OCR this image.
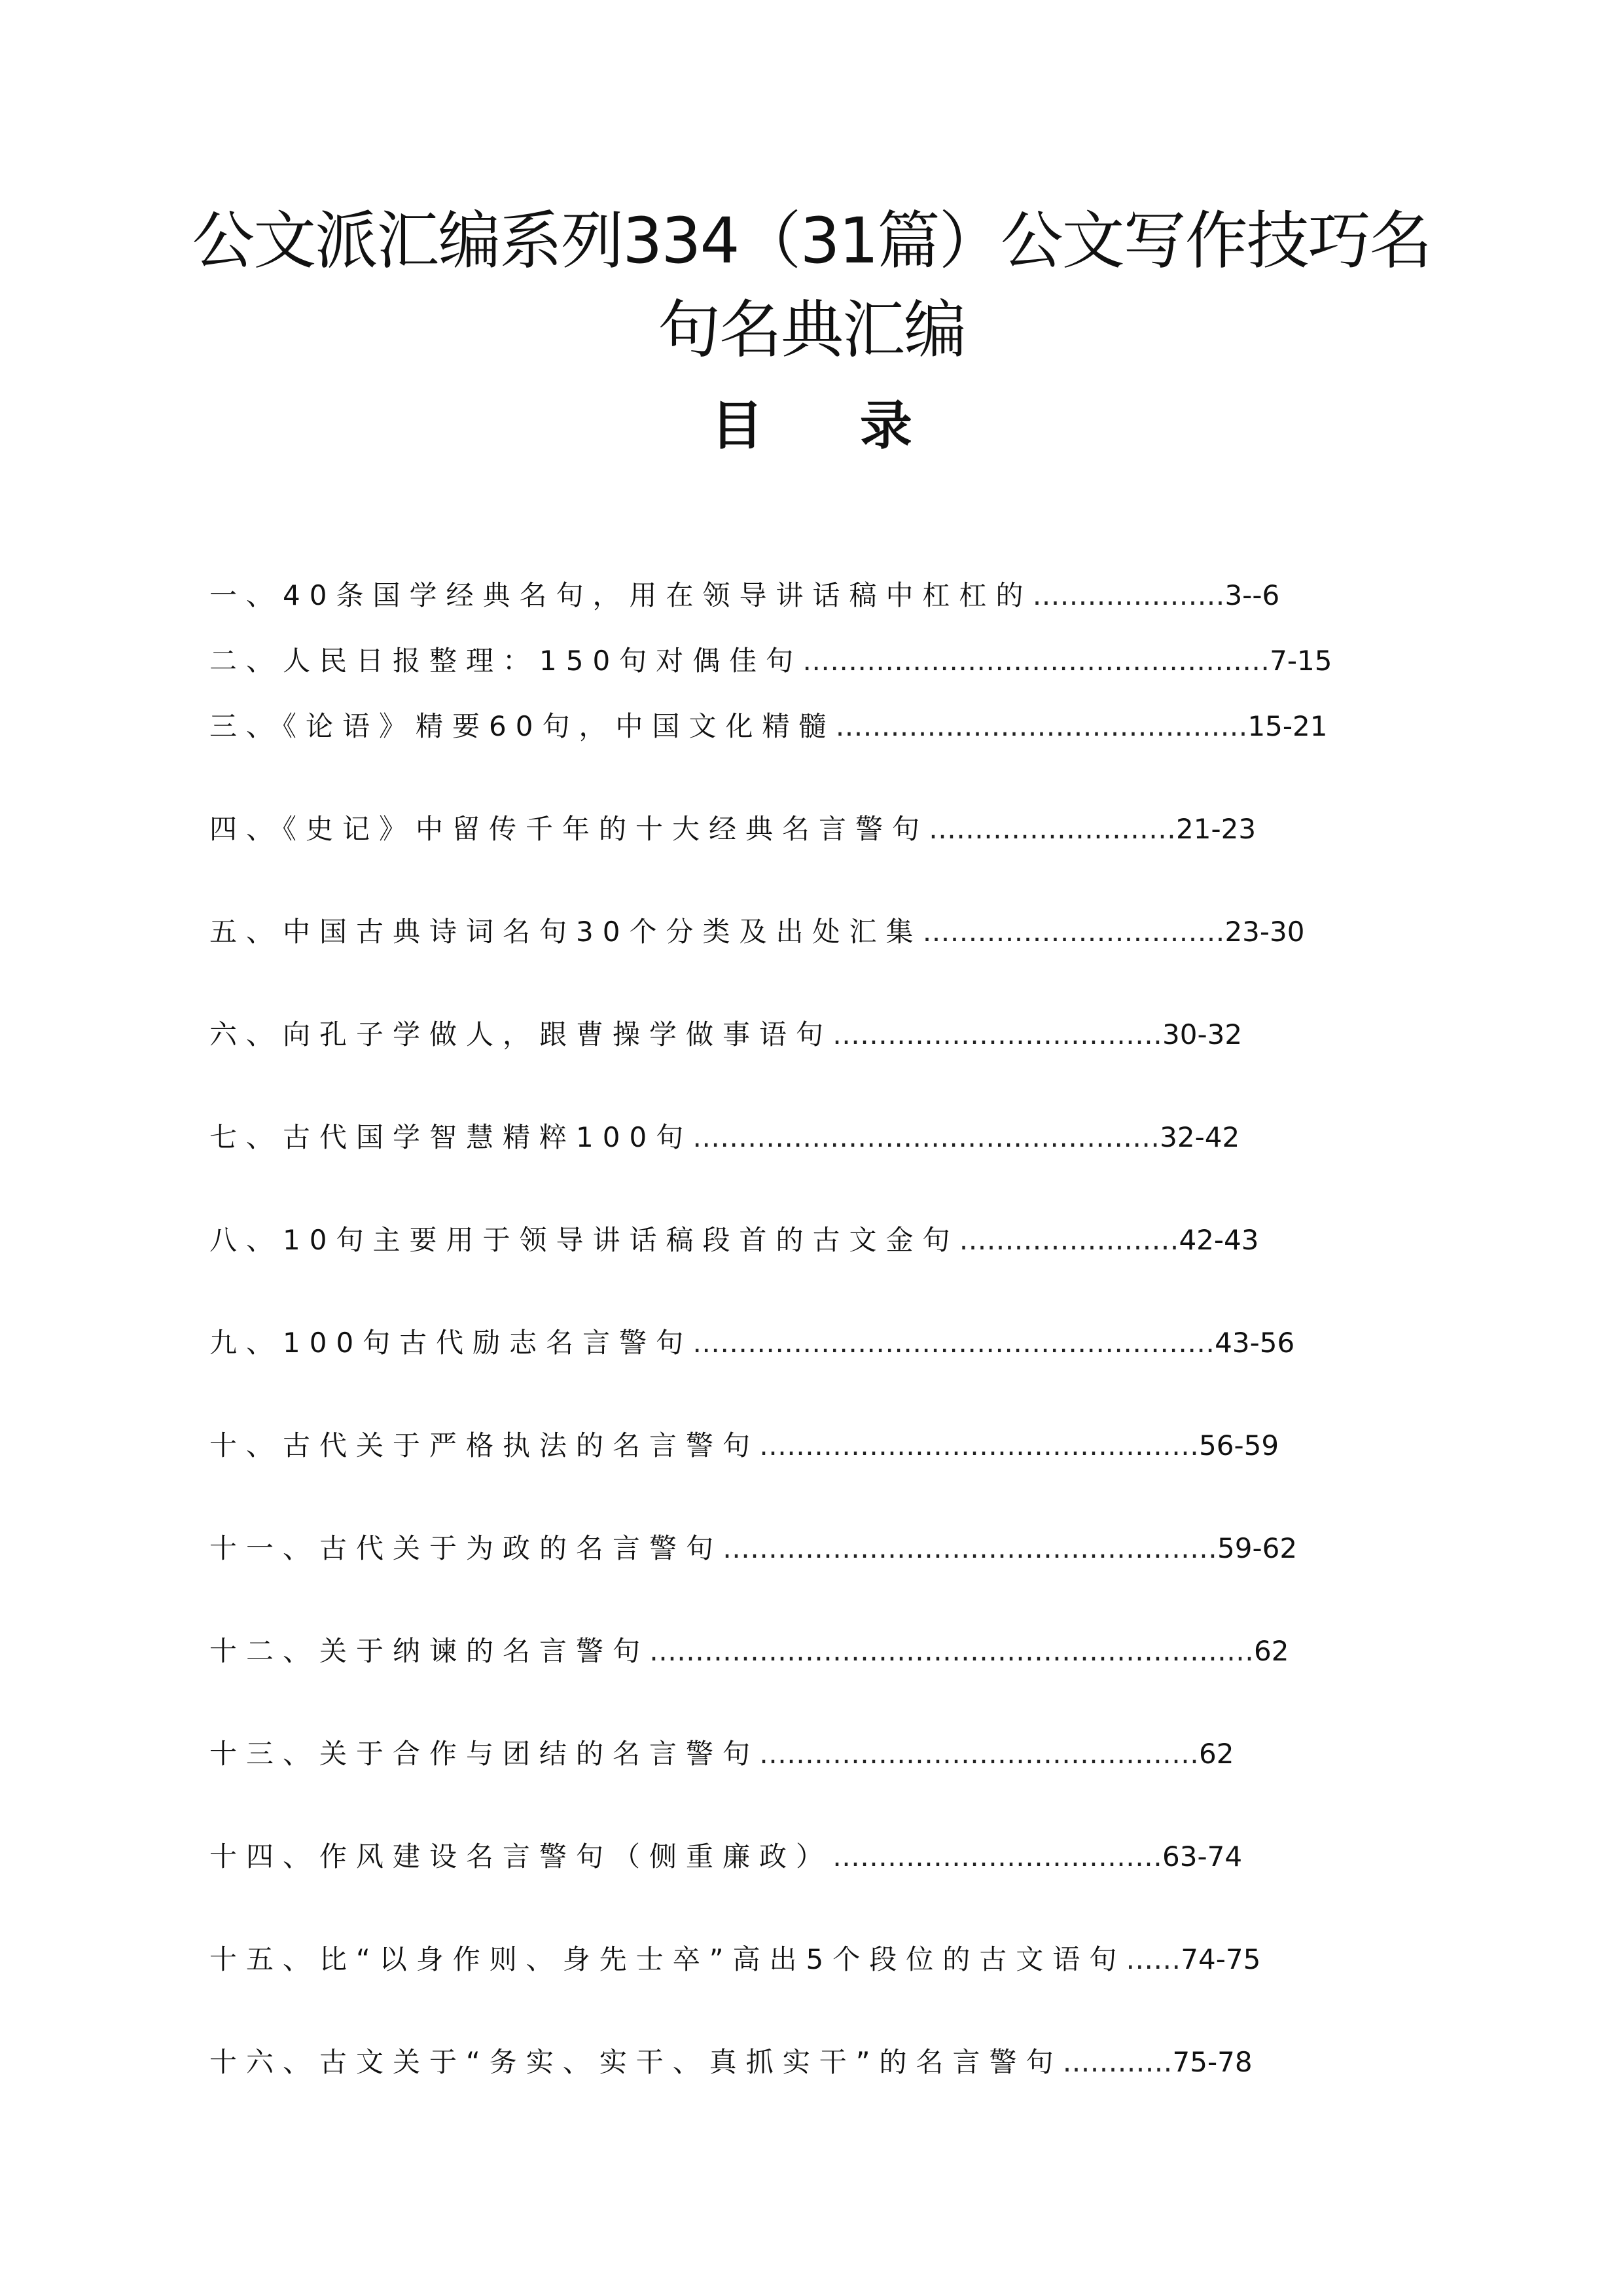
公文派汇编系列334（31篇）公文写作技巧名句名典汇编
目 录
一、40条国学经典名句，用在领导讲话稿中杠杠的 ………………… 3--6
二、人民日报整理：150句对偶佳句 …………………………………………… 7-15
三、《论语》精要60句，中国文化精髓 ……………………………………… 15-21
四、《史记》中留传千年的十大经典名言警句 ……………………… 21-23
五、中国古典诗词名句30个分类及出处汇集 …………………………… 23-30
六、向孔子学做人，跟曹操学做事语句 ……………………………… 30-32
七、古代国学智慧精粹100句 …………………………………………… 32-42
八、10句主要用于领导讲话稿段首的古文金句 …………………… 42-43
九、100句古代励志名言警句 ………………………………………………… 43-56
十、古代关于严格执法的名言警句 ………………………………………… 56-59
十一、古代关于为政的名言警句 ……………………………………………… 59-62
十二、关于纳谏的名言警句 ………………………………………………………… 62
十三、关于合作与团结的名言警句 ………………………………………… 62
十四、作风建设名言警句（侧重廉政） ……………………………… 63-74
十五、比“以身作则、身先士卒”高出5个段位的古文语句 …… 74-75
十六、古文关于“务实、实干、真抓实干”的名言警句 ………… 75-78
